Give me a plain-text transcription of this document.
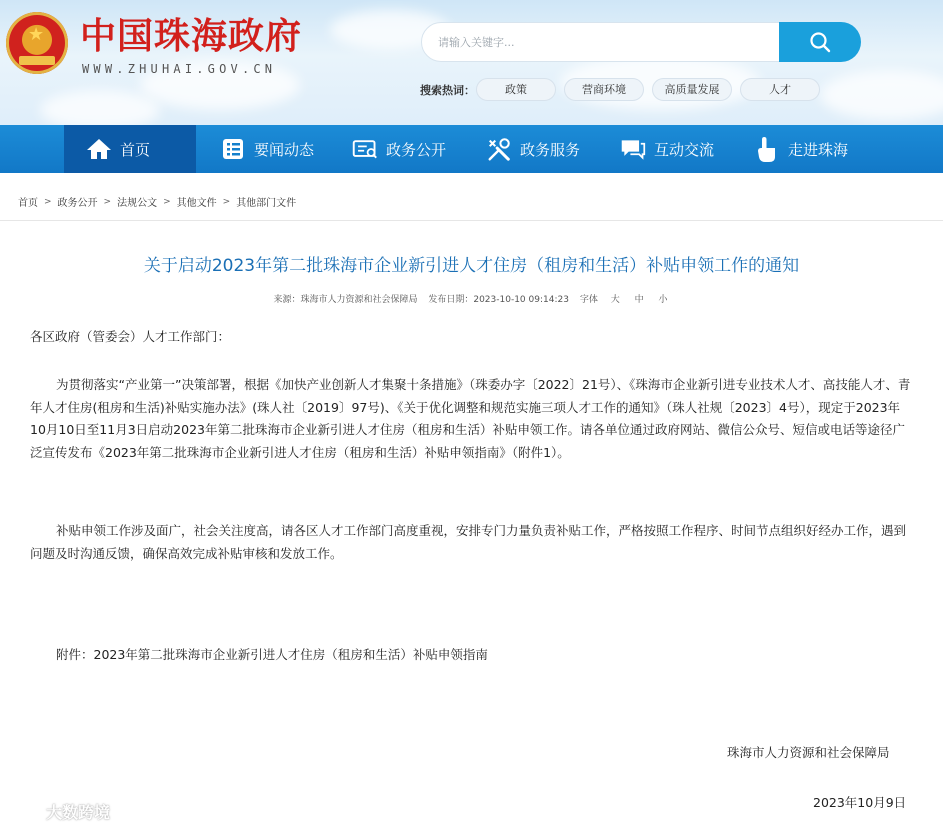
★ 中国珠海政府
WWW.ZHUHAI.GOV.CN
请输入关键字...
搜索热词：	政策	营商环境	高质量发展	人才
首页	要闻动态	政务公开	政务服务	互动交流	走进珠海
首页 > 政务公开 > 法规公文 > 其他文件 > 其他部门文件
关于启动2023年第二批珠海市企业新引进人才住房（租房和生活）补贴申领工作的通知
来源：珠海市人力资源和社会保障局 发布日期：2023-10-10 09:14:23 字体 大 中 小

各区政府（管委会）人才工作部门：

为贯彻落实“产业第一”决策部署，根据《加快产业创新人才集聚十条措施》（珠委办字〔2022〕21号）、《珠海市企业新引进专业技术人才、高技能人才、青年人才住房(租房和生活)补贴实施办法》(珠人社〔2019〕97号)、《关于优化调整和规范实施三项人才工作的通知》（珠人社规〔2023〕4号），现定于2023年10月10日至11月3日启动2023年第二批珠海市企业新引进人才住房（租房和生活）补贴申领工作。请各单位通过政府网站、微信公众号、短信或电话等途径广泛宣传发布《2023年第二批珠海市企业新引进人才住房（租房和生活）补贴申领指南》（附件1）。

补贴申领工作涉及面广，社会关注度高，请各区人才工作部门高度重视，安排专门力量负责补贴工作，严格按照工作程序、时间节点组织好经办工作，遇到问题及时沟通反馈，确保高效完成补贴审核和发放工作。

附件：2023年第二批珠海市企业新引进人才住房（租房和生活）补贴申领指南

珠海市人力资源和社会保障局

2023年10月9日

大数跨境
